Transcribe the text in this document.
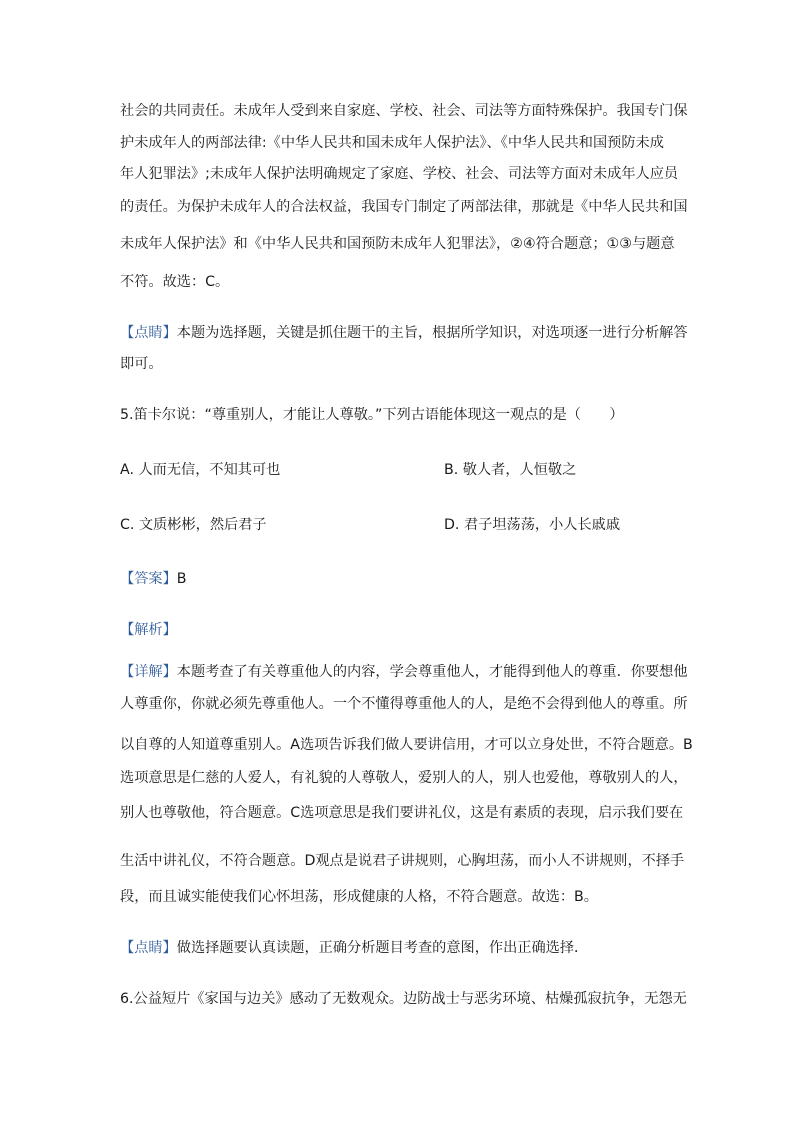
社会的共同责任。未成年人受到来自家庭、学校、社会、司法等方面特殊保护。我国专门保
护未成年人的两部法律:《中华人民共和国未成年人保护法》、《中华人民共和国预防未成
年人犯罪法》;未成年人保护法明确规定了家庭、学校、社会、司法等方面对未成年人应员
的责任。为保护未成年人的合法权益，我国专门制定了两部法律，那就是《中华人民共和国
未成年人保护法》和《中华人民共和国预防未成年人犯罪法》，②④符合题意；①③与题意
不符。故选：C。
【点睛】本题为选择题，关键是抓住题干的主旨，根据所学知识，对选项逐一进行分析解答
即可。
5.笛卡尔说：“尊重别人，才能让人尊敬。”下列古语能体现这一观点的是（　　）
A. 人而无信，不知其可也	B. 敬人者，人恒敬之
C. 文质彬彬，然后君子	D. 君子坦荡荡，小人长戚戚
【答案】B
【解析】
【详解】本题考查了有关尊重他人的内容，学会尊重他人，才能得到他人的尊重．你要想他
人尊重你，你就必须先尊重他人。一个不懂得尊重他人的人，是绝不会得到他人的尊重。所
以自尊的人知道尊重别人。A选项告诉我们做人要讲信用，才可以立身处世，不符合题意。B
选项意思是仁慈的人爱人，有礼貌的人尊敬人，爱别人的人，别人也爱他，尊敬别人的人，
别人也尊敬他，符合题意。C选项意思是我们要讲礼仪，这是有素质的表现，启示我们要在
生活中讲礼仪，不符合题意。D观点是说君子讲规则，心胸坦荡，而小人不讲规则，不择手
段，而且诚实能使我们心怀坦荡，形成健康的人格，不符合题意。故选：B。
【点睛】做选择题要认真读题，正确分析题目考查的意图，作出正确选择．
6.公益短片《家国与边关》感动了无数观众。边防战士与恶劣环境、枯燥孤寂抗争，无怨无
